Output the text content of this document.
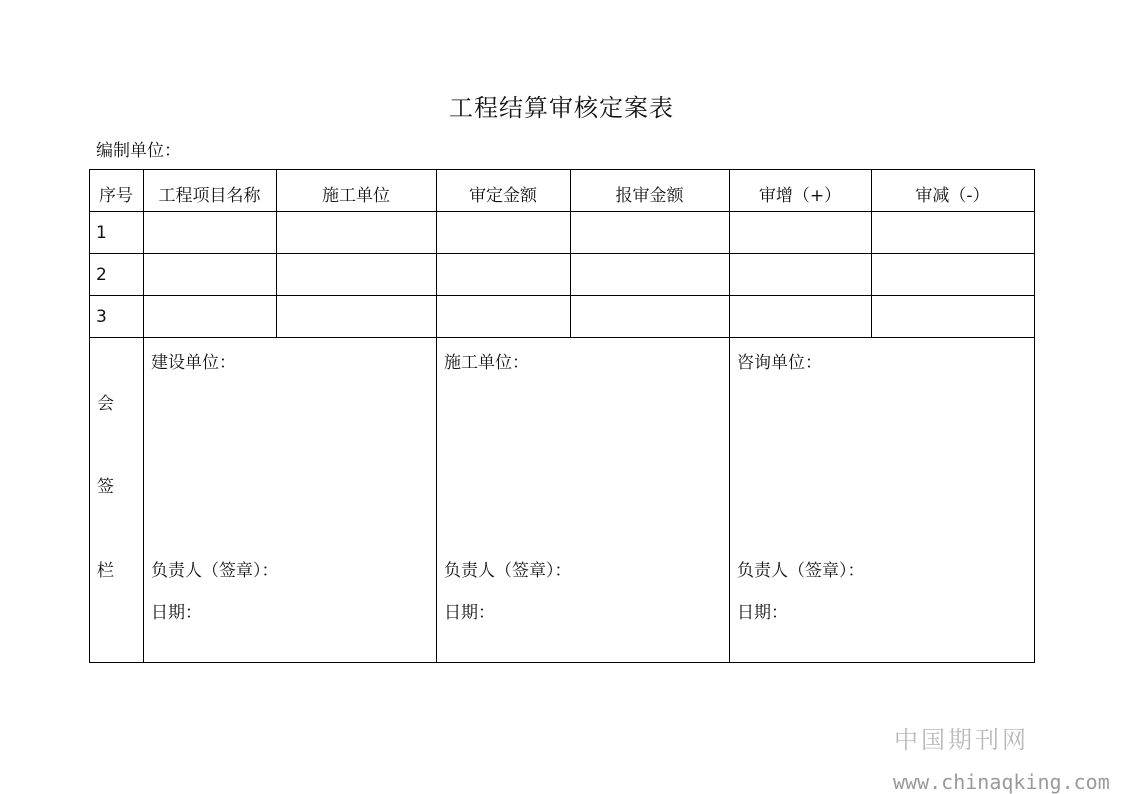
工程结算审核定案表
编制单位：
序号	工程项目名称	施工单位	审定金额	报审金额	审增（+）	审减（-）
1
2
3
会
签
栏
建设单位：
负责人（签章）：
日期：
施工单位：
负责人（签章）：
日期：
咨询单位：
负责人（签章）：
日期：
中国期刊网
www.chinaqking.com
